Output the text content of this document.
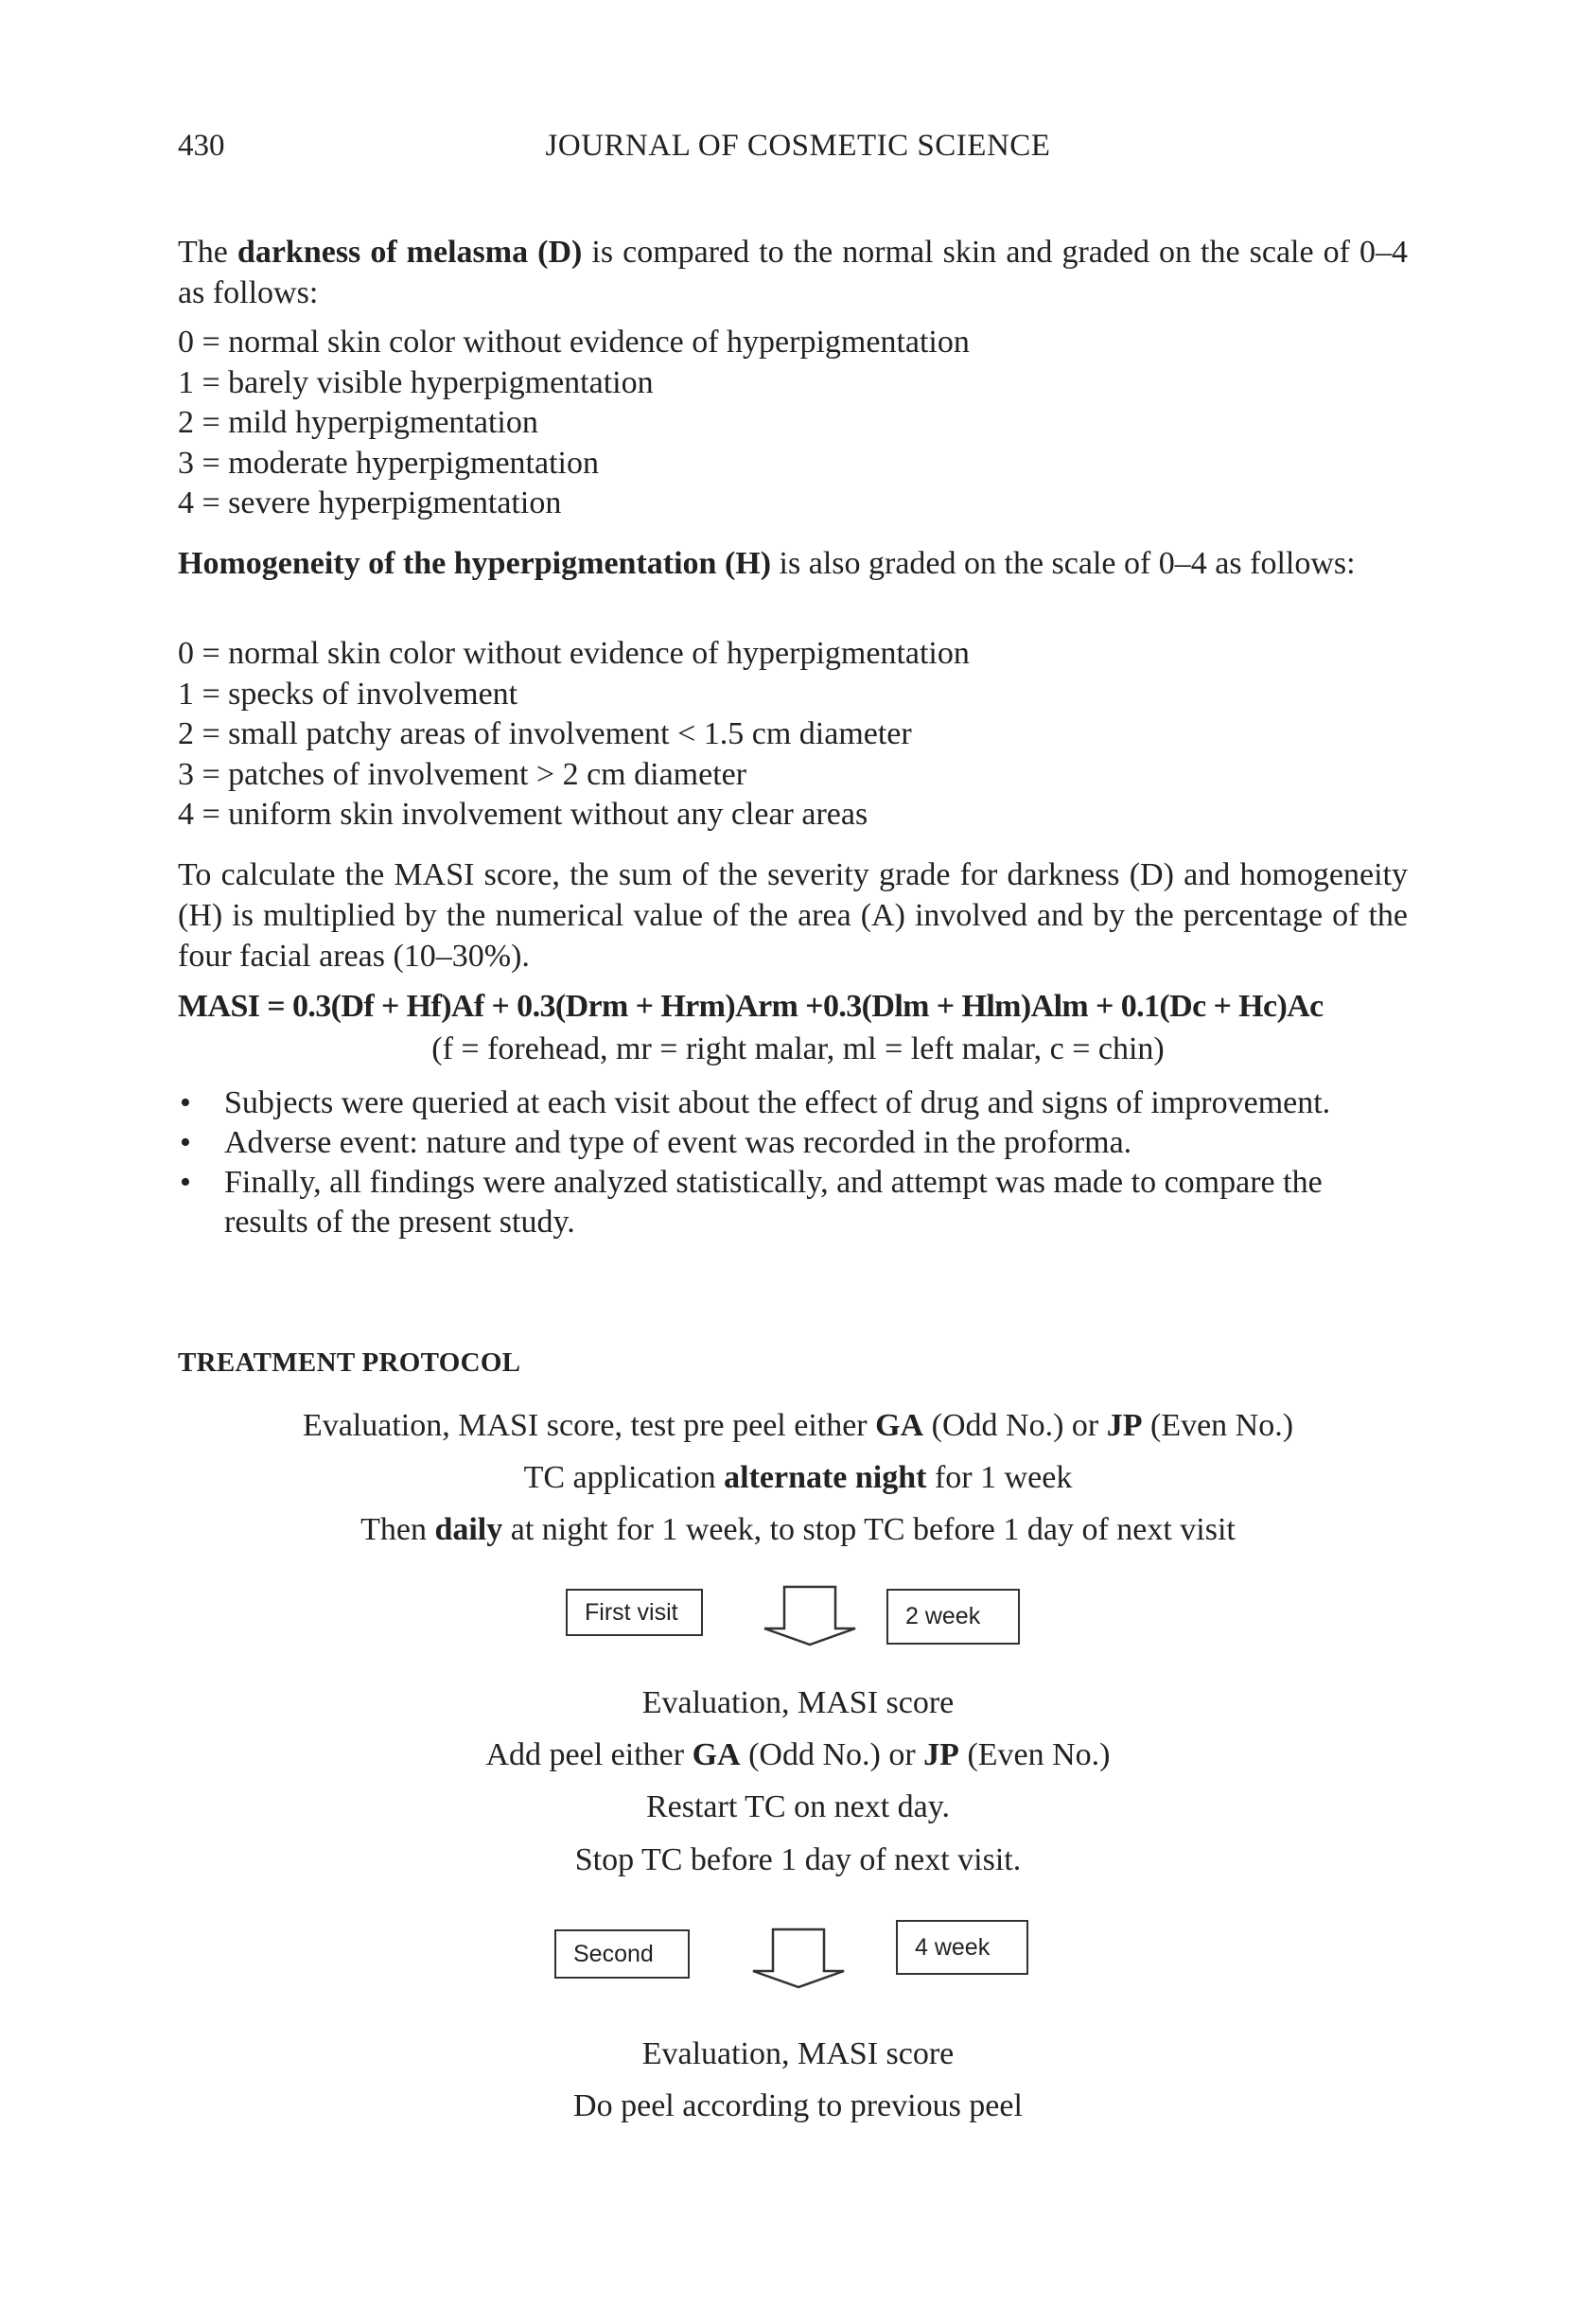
430	JOURNAL OF COSMETIC SCIENCE

The darkness of melasma (D) is compared to the normal skin and graded on the scale of 0–4 as follows:

0 = normal skin color without evidence of hyperpigmentation
1 = barely visible hyperpigmentation
2 = mild hyperpigmentation
3 = moderate hyperpigmentation
4 = severe hyperpigmentation

Homogeneity of the hyperpigmentation (H) is also graded on the scale of 0–4 as follows:

0 = normal skin color without evidence of hyperpigmentation
1 = specks of involvement
2 = small patchy areas of involvement < 1.5 cm diameter
3 = patches of involvement > 2 cm diameter
4 = uniform skin involvement without any clear areas

To calculate the MASI score, the sum of the severity grade for darkness (D) and homogeneity (H) is multiplied by the numerical value of the area (A) involved and by the percentage of the four facial areas (10–30%).

MASI = 0.3(Df + Hf)Af + 0.3(Drm + Hrm)Arm +0.3(Dlm + Hlm)Alm + 0.1(Dc + Hc)Ac
(f = forehead, mr = right malar, ml = left malar, c = chin)
• Subjects were queried at each visit about the effect of drug and signs of improvement.
• Adverse event: nature and type of event was recorded in the proforma.
• Finally, all findings were analyzed statistically, and attempt was made to compare the results of the present study.
TREATMENT PROTOCOL
Evaluation, MASI score, test pre peel either GA (Odd No.) or JP (Even No.)
TC application alternate night for 1 week
Then daily at night for 1 week, to stop TC before 1 day of next visit
First visit	2 week
Evaluation, MASI score
Add peel either GA (Odd No.) or JP (Even No.)
Restart TC on next day.
Stop TC before 1 day of next visit.
Second	4 week
Evaluation, MASI score
Do peel according to previous peel
